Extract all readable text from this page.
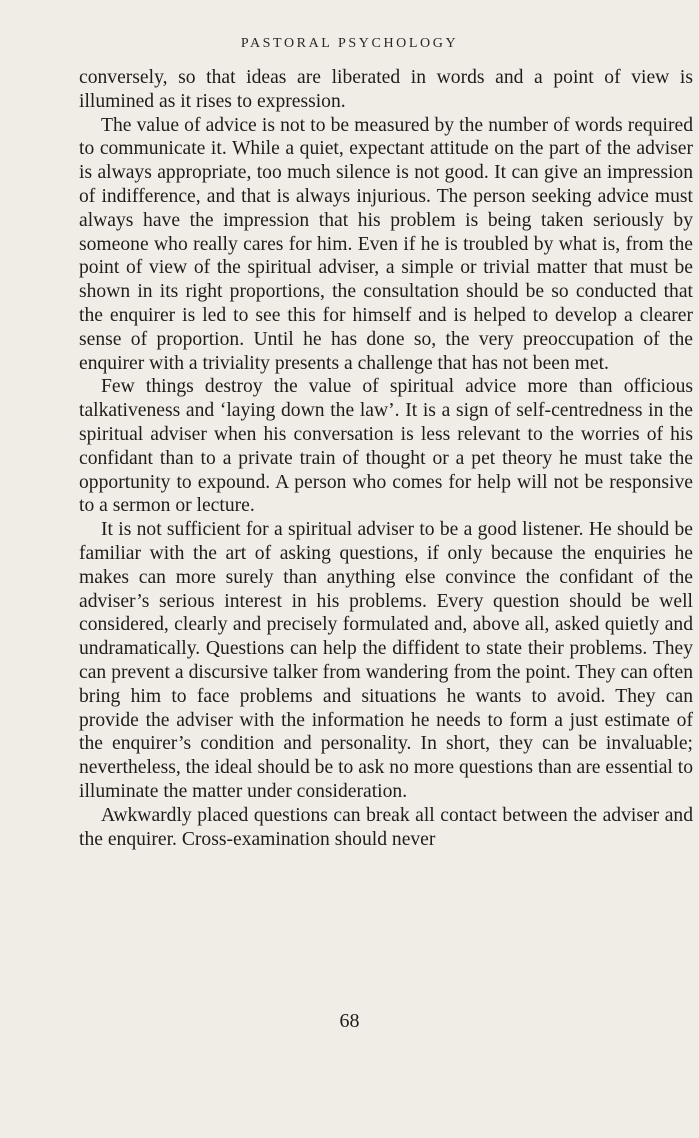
PASTORAL PSYCHOLOGY

conversely, so that ideas are liberated in words and a point of view is illumined as it rises to expression.

The value of advice is not to be measured by the number of words required to communicate it. While a quiet, expectant attitude on the part of the adviser is always appropriate, too much silence is not good. It can give an impression of indifference, and that is always injurious. The person seeking advice must always have the impression that his problem is being taken seriously by someone who really cares for him. Even if he is troubled by what is, from the point of view of the spiritual adviser, a simple or trivial matter that must be shown in its right proportions, the consultation should be so conducted that the enquirer is led to see this for himself and is helped to develop a clearer sense of proportion. Until he has done so, the very preoccupation of the enquirer with a triviality presents a challenge that has not been met.

Few things destroy the value of spiritual advice more than officious talkativeness and ‘laying down the law’. It is a sign of self-centredness in the spiritual adviser when his conversation is less relevant to the worries of his confidant than to a private train of thought or a pet theory he must take the opportunity to expound. A person who comes for help will not be responsive to a sermon or lecture.

It is not sufficient for a spiritual adviser to be a good listener. He should be familiar with the art of asking questions, if only because the enquiries he makes can more surely than anything else convince the confidant of the adviser’s serious interest in his problems. Every question should be well considered, clearly and precisely formulated and, above all, asked quietly and undramatically. Questions can help the diffident to state their problems. They can prevent a discursive talker from wandering from the point. They can often bring him to face problems and situations he wants to avoid. They can provide the adviser with the information he needs to form a just estimate of the enquirer’s condition and personality. In short, they can be invaluable; nevertheless, the ideal should be to ask no more questions than are essential to illuminate the matter under consideration.

Awkwardly placed questions can break all contact between the adviser and the enquirer. Cross-examination should never

68
